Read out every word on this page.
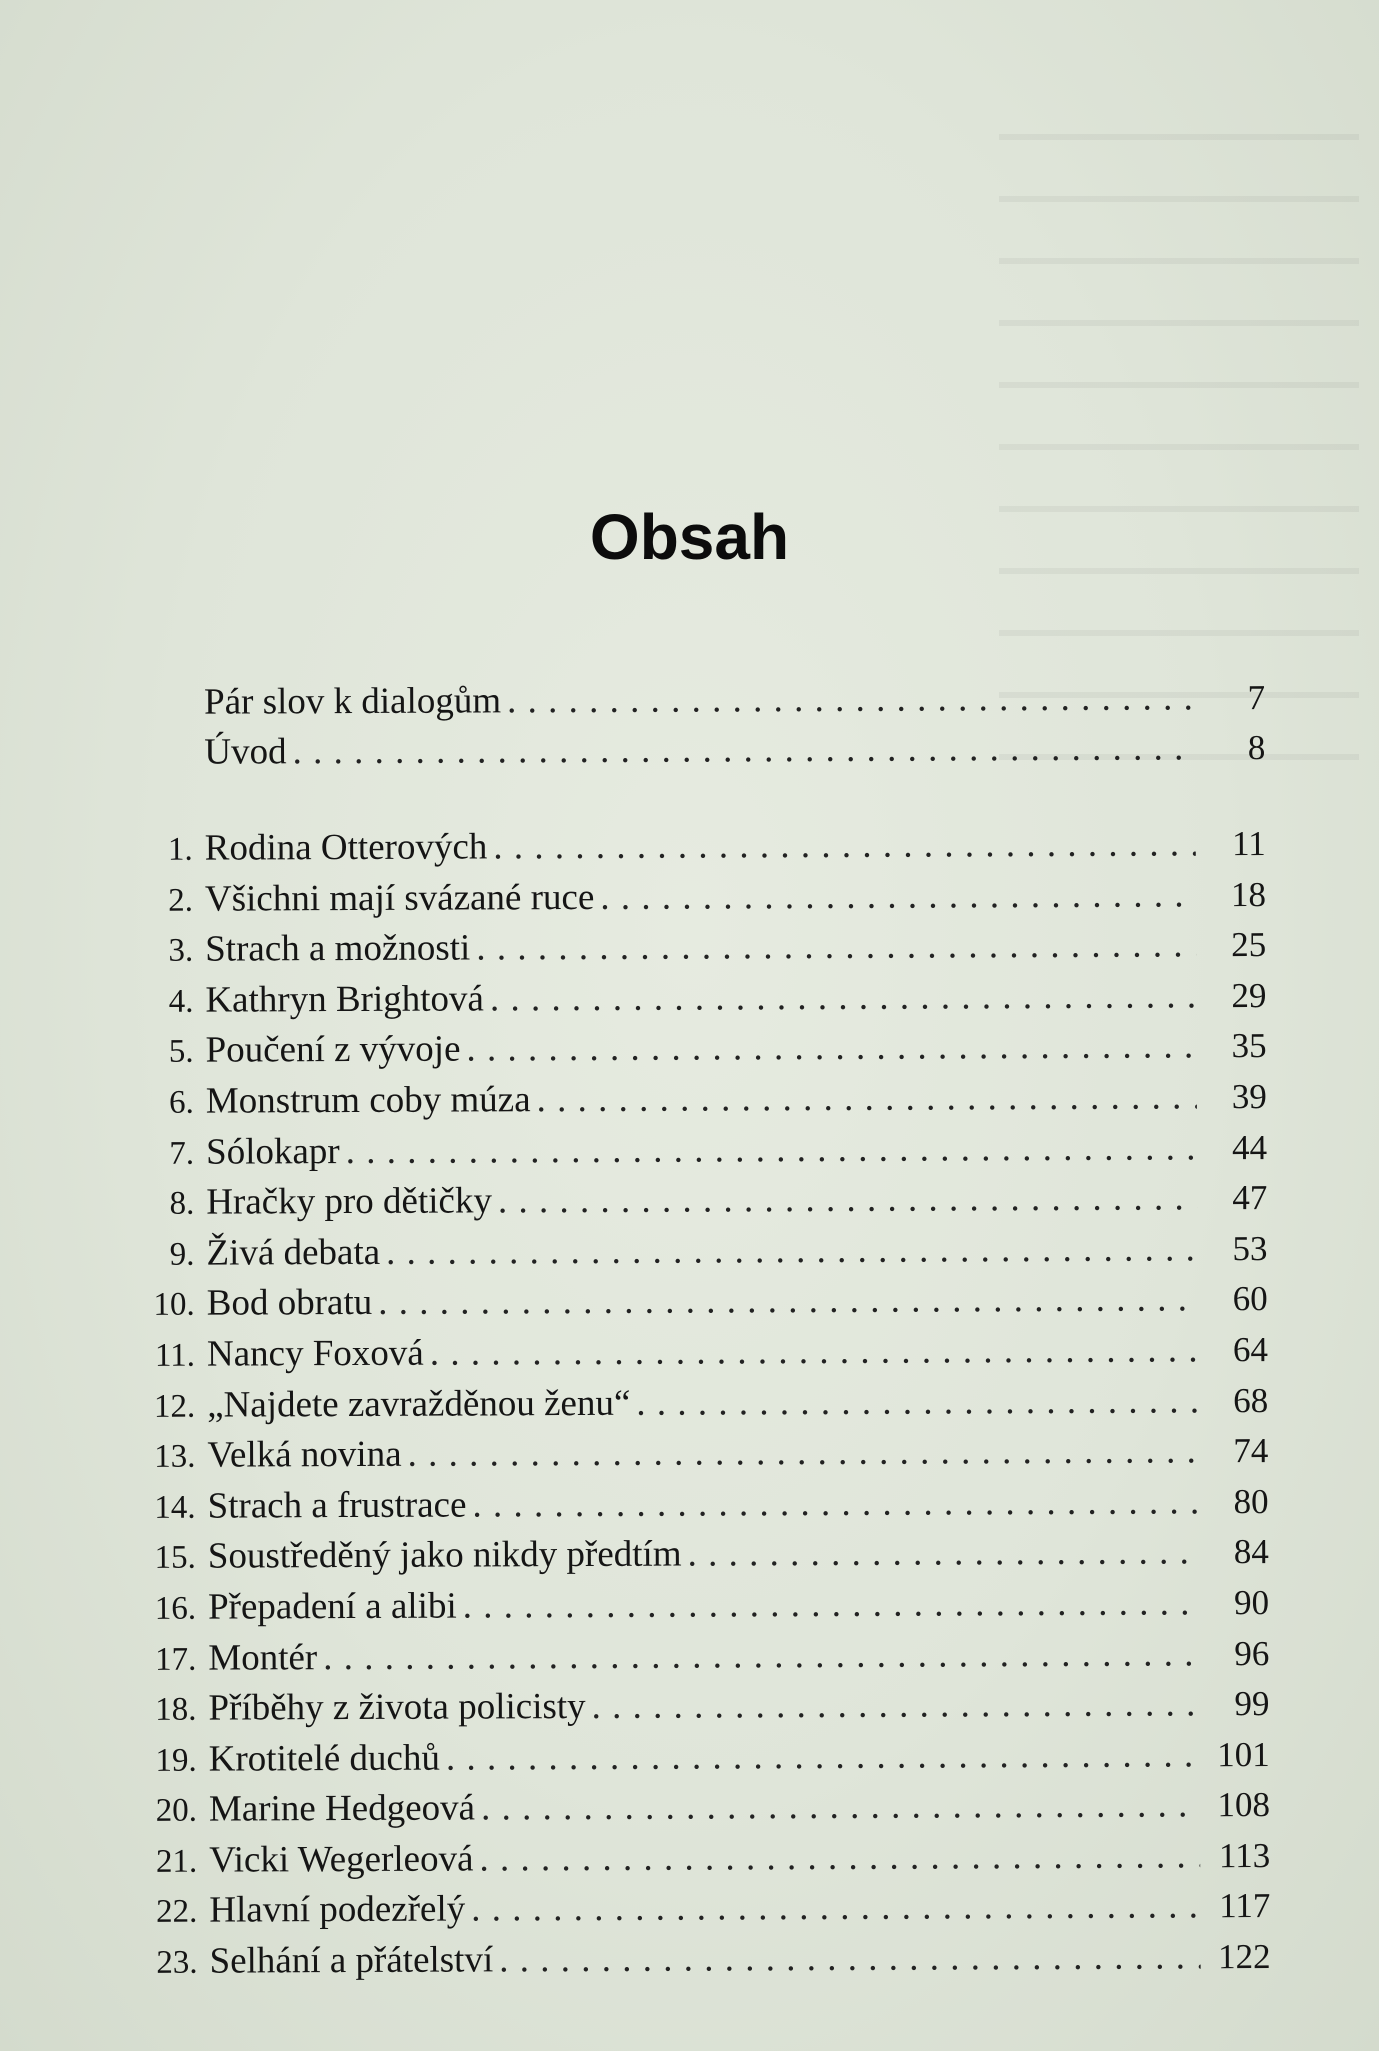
Obsah
Pár slov k dialogům . . .	7
Úvod . . .	8
1. Rodina Otterových . . .	11
2. Všichni mají svázané ruce . . .	18
3. Strach a možnosti . . .	25
4. Kathryn Brightová . . .	29
5. Poučení z vývoje . . .	35
6. Monstrum coby múza . . .	39
7. Sólokapr . . .	44
8. Hračky pro dětičky . . .	47
9. Živá debata . . .	53
10. Bod obratu . . .	60
11. Nancy Foxová . . .	64
12. „Najdete zavražděnou ženu“ . . .	68
13. Velká novina . . .	74
14. Strach a frustrace . . .	80
15. Soustředěný jako nikdy předtím . . .	84
16. Přepadení a alibi . . .	90
17. Montér . . .	96
18. Příběhy z života policisty . . .	99
19. Krotitelé duchů . . .	101
20. Marine Hedgeová . . .	108
21. Vicki Wegerleová . . .	113
22. Hlavní podezřelý . . .	117
23. Selhání a přátelství . . .	122
